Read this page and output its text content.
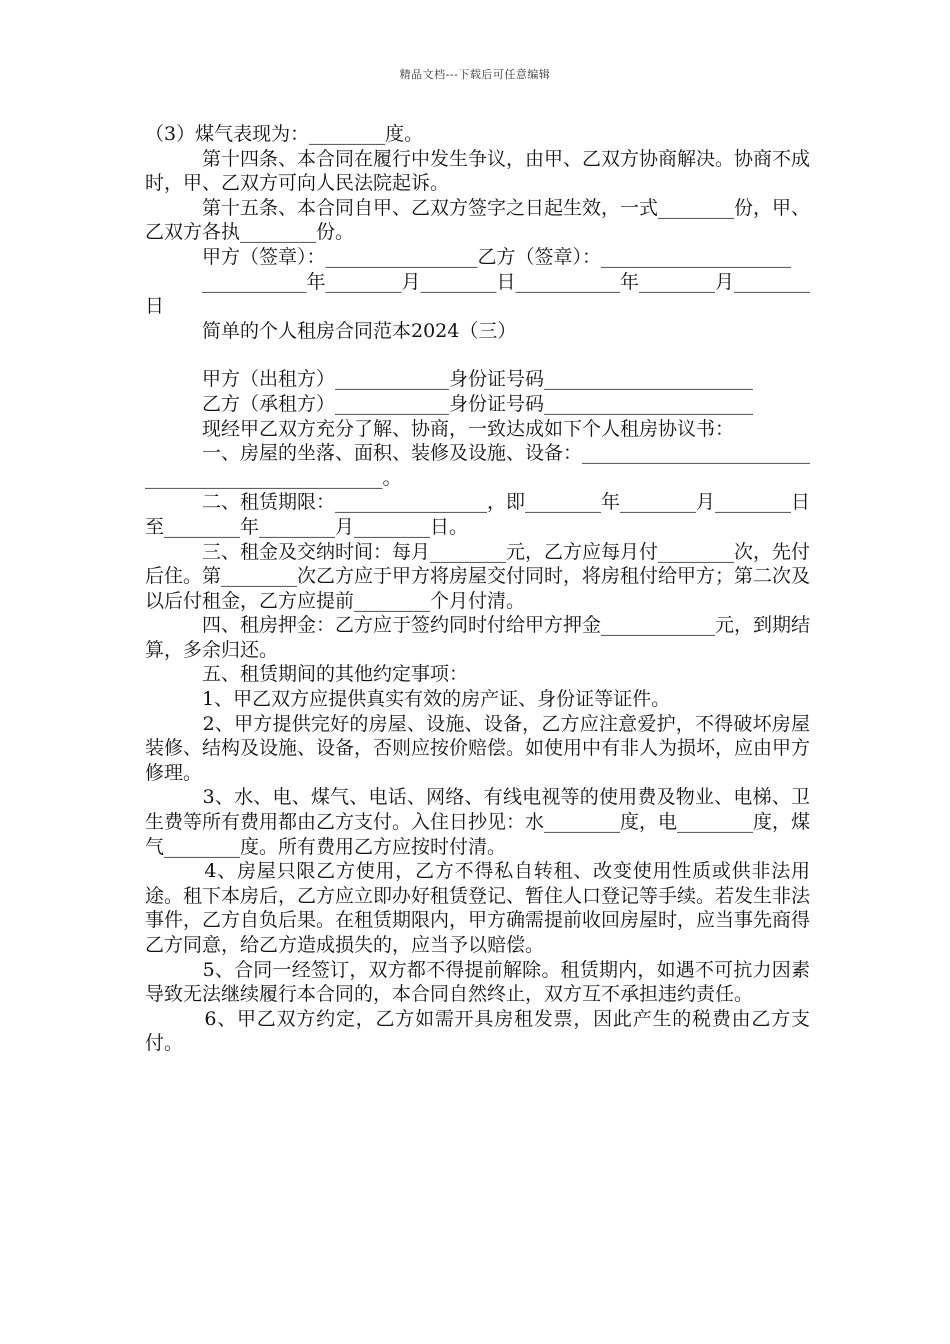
精品文档---下载后可任意编辑

（3）煤气表现为：________度。

　　　第十四条、本合同在履行中发生争议，由甲、乙双方协商解决。协商不成时，甲、乙双方可向人民法院起诉。

　　　第十五条、本合同自甲、乙双方签字之日起生效，一式________份，甲、乙双方各执________份。

　　　甲方（签章）：________________乙方（签章）：____________________

　　　___________年________月________日___________年________月________日

　　　简单的个人租房合同范本2024（三）

　　　甲方（出租方）____________身份证号码______________________

　　　乙方（承租方）____________身份证号码______________________

　　　现经甲乙双方充分了解、协商，一致达成如下个人租房协议书：

　　　一、房屋的坐落、面积、装修及设施、设备：_________________________________________________。

　　　二、租赁期限：________________，即________年________月________日至________年________月________日。

　　　三、租金及交纳时间：每月________元，乙方应每月付________次，先付后住。第________次乙方应于甲方将房屋交付同时，将房租付给甲方；第二次及以后付租金，乙方应提前________个月付清。

　　　四、租房押金：乙方应于签约同时付给甲方押金____________元，到期结算，多余归还。

　　　五、租赁期间的其他约定事项：

　　　1、甲乙双方应提供真实有效的房产证、身份证等证件。

　　　2、甲方提供完好的房屋、设施、设备，乙方应注意爱护，不得破坏房屋装修、结构及设施、设备，否则应按价赔偿。如使用中有非人为损坏，应由甲方修理。

　　　3、水、电、煤气、电话、网络、有线电视等的使用费及物业、电梯、卫生费等所有费用都由乙方支付。入住日抄见：水________度，电________度，煤气________度。所有费用乙方应按时付清。

　　　4、房屋只限乙方使用，乙方不得私自转租、改变使用性质或供非法用途。租下本房后，乙方应立即办好租赁登记、暂住人口登记等手续。若发生非法事件，乙方自负后果。在租赁期限内，甲方确需提前收回房屋时，应当事先商得乙方同意，给乙方造成损失的，应当予以赔偿。

　　　5、合同一经签订，双方都不得提前解除。租赁期内，如遇不可抗力因素导致无法继续履行本合同的，本合同自然终止，双方互不承担违约责任。

　　　6、甲乙双方约定，乙方如需开具房租发票，因此产生的税费由乙方支付。
